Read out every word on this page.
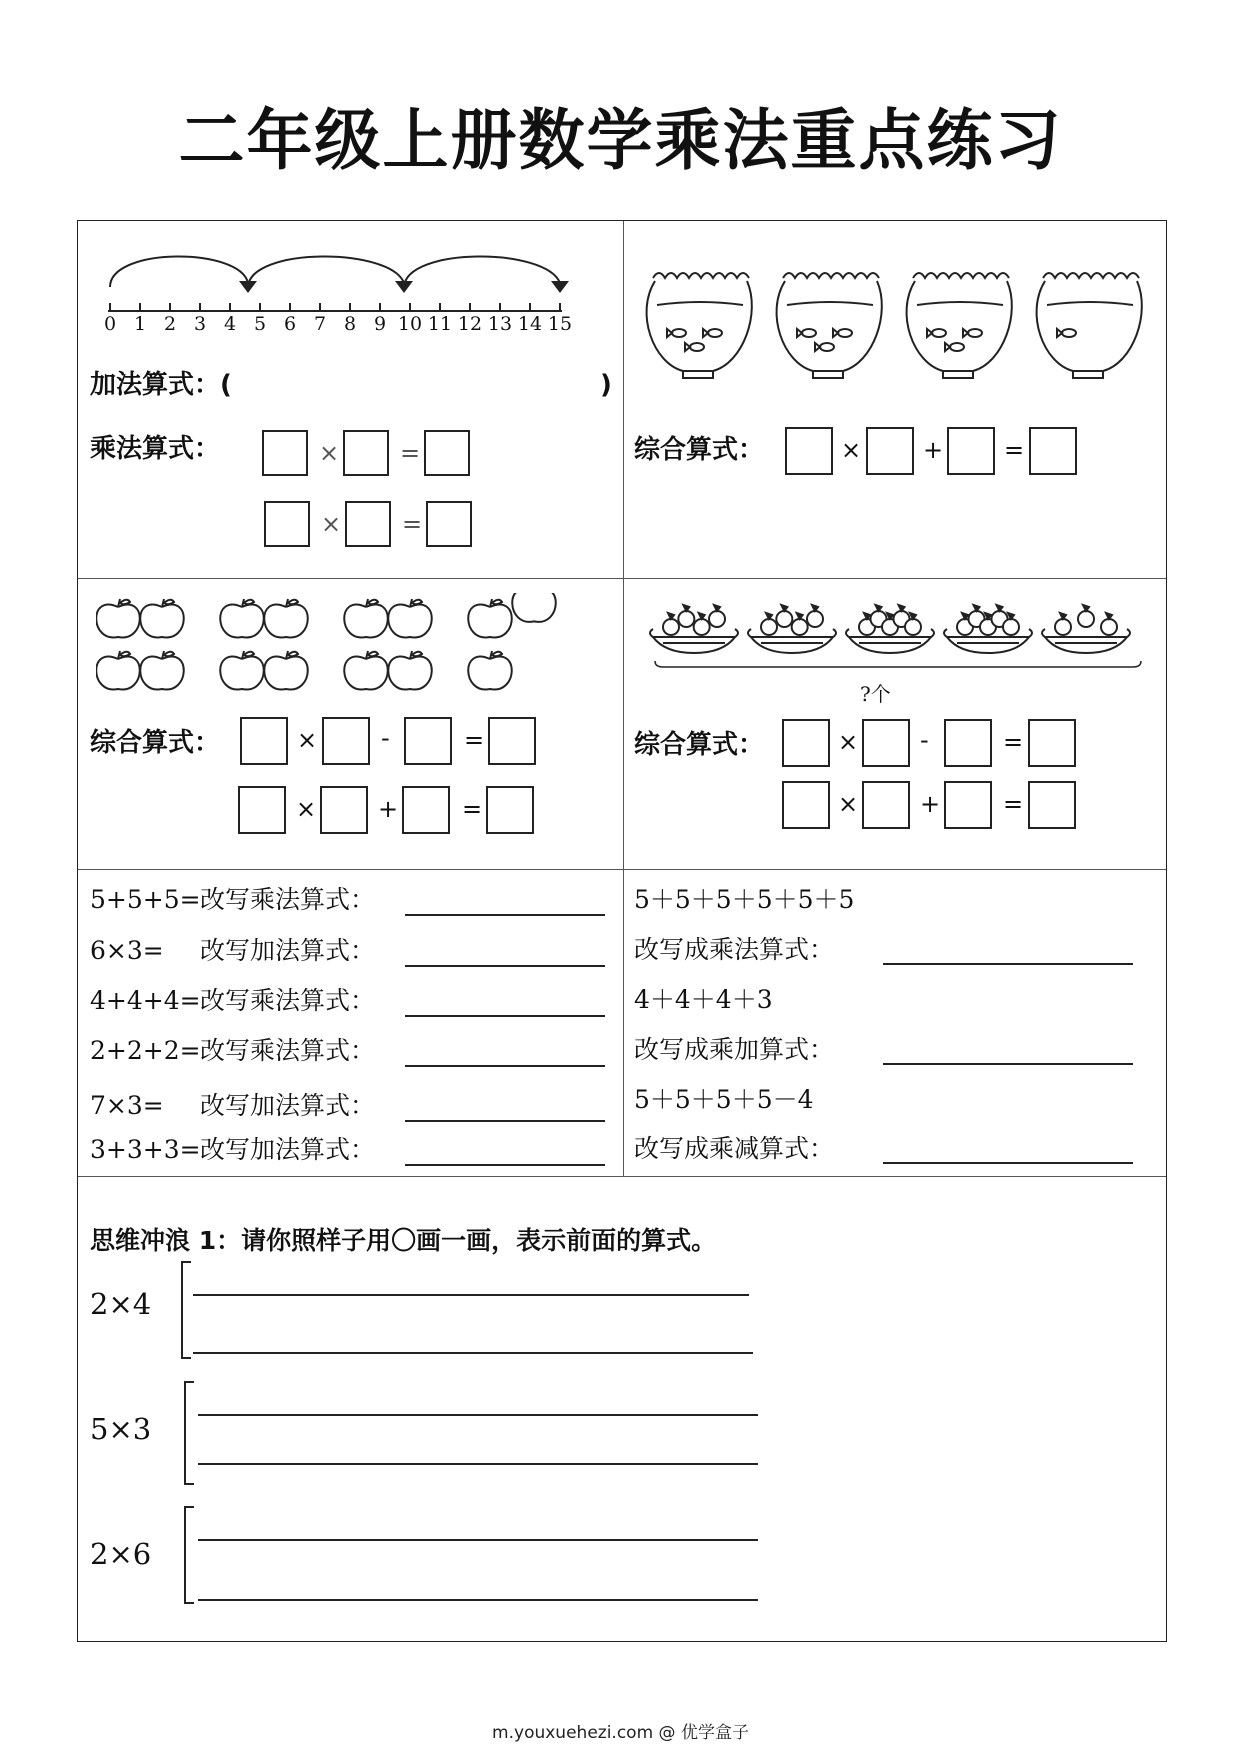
二年级上册数学乘法重点练习
0 1 2 3 4 5 6 7 8 9 10 11 12 13 14 15
加法算式：(	)
乘法算式：	×	=
×	=
综合算式：	×	+	=
综合算式：	×	-	=
×	+	=
?个
综合算式：	×	-	=
×	+	=
5+5+5= 改写乘法算式：
6×3= 改写加法算式：
4+4+4= 改写乘法算式：
2+2+2= 改写乘法算式：
7×3= 改写加法算式：
3+3+3= 改写加法算式：
5＋5＋5＋5＋5＋5
改写成乘法算式：
4＋4＋4＋3
改写成乘加算式：
5＋5＋5＋5－4
改写成乘减算式：
思维冲浪 1：请你照样子用〇画一画，表示前面的算式。
2×4
5×3
2×6
m.youxuehezi.com @ 优学盒子
